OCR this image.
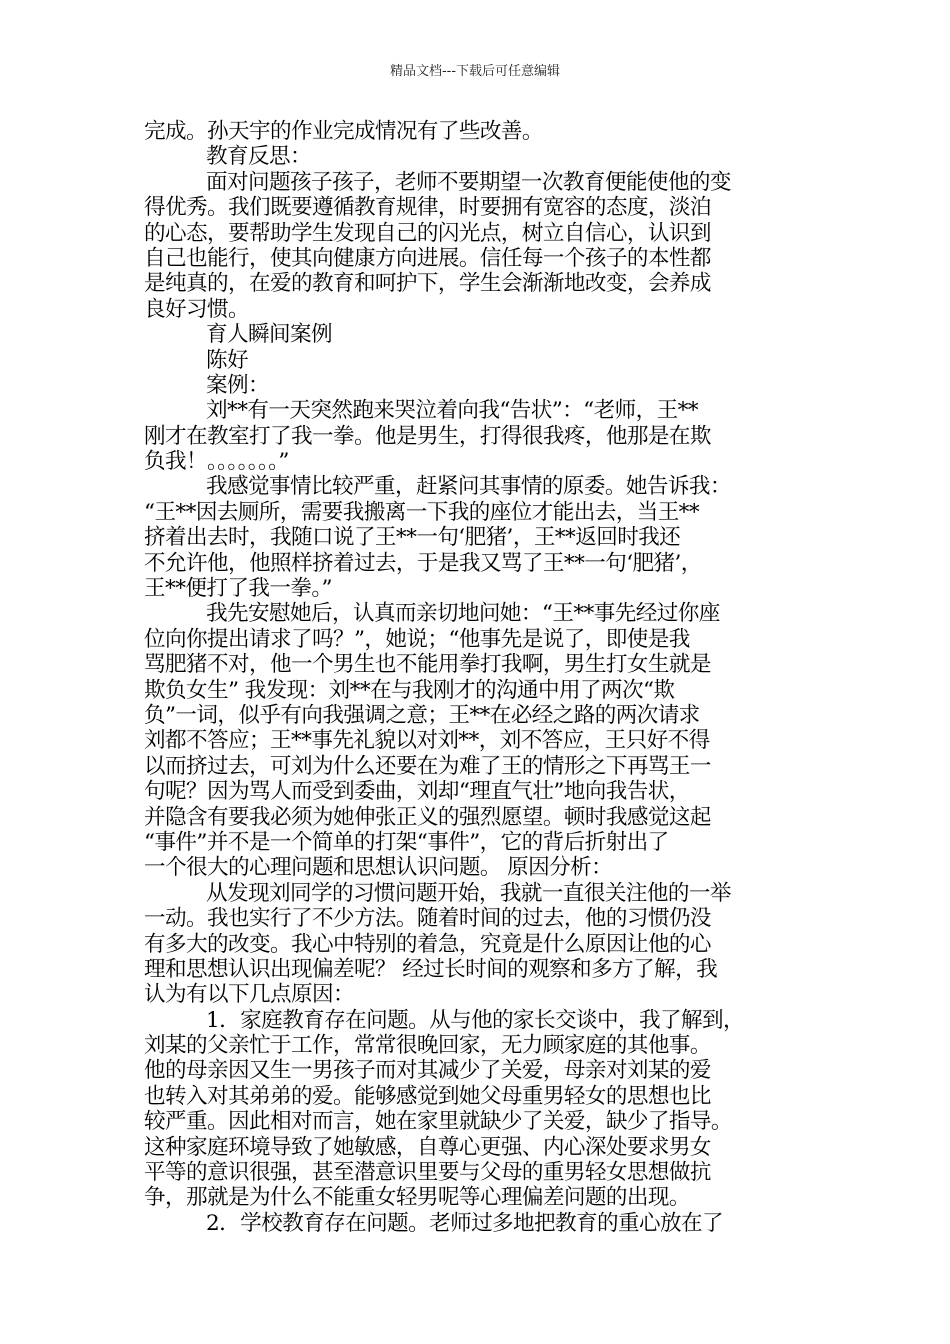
精品文档---下载后可任意编辑
完成。孙天宇的作业完成情况有了些改善。
教育反思：
面对问题孩子孩子，老师不要期望一次教育便能使他的变
得优秀。我们既要遵循教育规律，时要拥有宽容的态度，淡泊
的心态，要帮助学生发现自己的闪光点，树立自信心，认识到
自己也能行，使其向健康方向进展。信任每一个孩子的本性都
是纯真的，在爱的教育和呵护下，学生会渐渐地改变，会养成
良好习惯。
育人瞬间案例
陈好
案例：
刘**有一天突然跑来哭泣着向我“告状”：“老师，王**
刚才在教室打了我一拳。他是男生，打得很我疼，他那是在欺
负我！。。。。。。。”
我感觉事情比较严重，赶紧问其事情的原委。她告诉我：
“王**因去厕所，需要我搬离一下我的座位才能出去，当王**
挤着出去时，我随口说了王**一句‘肥猪’，王**返回时我还
不允许他，他照样挤着过去，于是我又骂了王**一句‘肥猪’，
王**便打了我一拳。”
我先安慰她后，认真而亲切地问她：“王**事先经过你座
位向你提出请求了吗？”，她说；“他事先是说了，即使是我
骂肥猪不对，他一个男生也不能用拳打我啊，男生打女生就是
欺负女生” 我发现：刘**在与我刚才的沟通中用了两次“欺
负”一词，似乎有向我强调之意；王**在必经之路的两次请求
刘都不答应；王**事先礼貌以对刘**，刘不答应，王只好不得
以而挤过去，可刘为什么还要在为难了王的情形之下再骂王一
句呢？因为骂人而受到委曲，刘却“理直气壮”地向我告状，
并隐含有要我必须为她伸张正义的强烈愿望。顿时我感觉这起
“事件”并不是一个简单的打架“事件”，它的背后折射出了
一个很大的心理问题和思想认识问题。 原因分析：
从发现刘同学的习惯问题开始，我就一直很关注他的一举
一动。我也实行了不少方法。随着时间的过去，他的习惯仍没
有多大的改变。我心中特别的着急，究竟是什么原因让他的心
理和思想认识出现偏差呢？ 经过长时间的观察和多方了解，我
认为有以下几点原因：
1．家庭教育存在问题。从与他的家长交谈中，我了解到，
刘某的父亲忙于工作，常常很晚回家，无力顾家庭的其他事。
他的母亲因又生一男孩子而对其减少了关爱，母亲对刘某的爱
也转入对其弟弟的爱。能够感觉到她父母重男轻女的思想也比
较严重。因此相对而言，她在家里就缺少了关爱，缺少了指导。
这种家庭环境导致了她敏感，自尊心更强、内心深处要求男女
平等的意识很强，甚至潜意识里要与父母的重男轻女思想做抗
争，那就是为什么不能重女轻男呢等心理偏差问题的出现。
2．学校教育存在问题。老师过多地把教育的重心放在了
